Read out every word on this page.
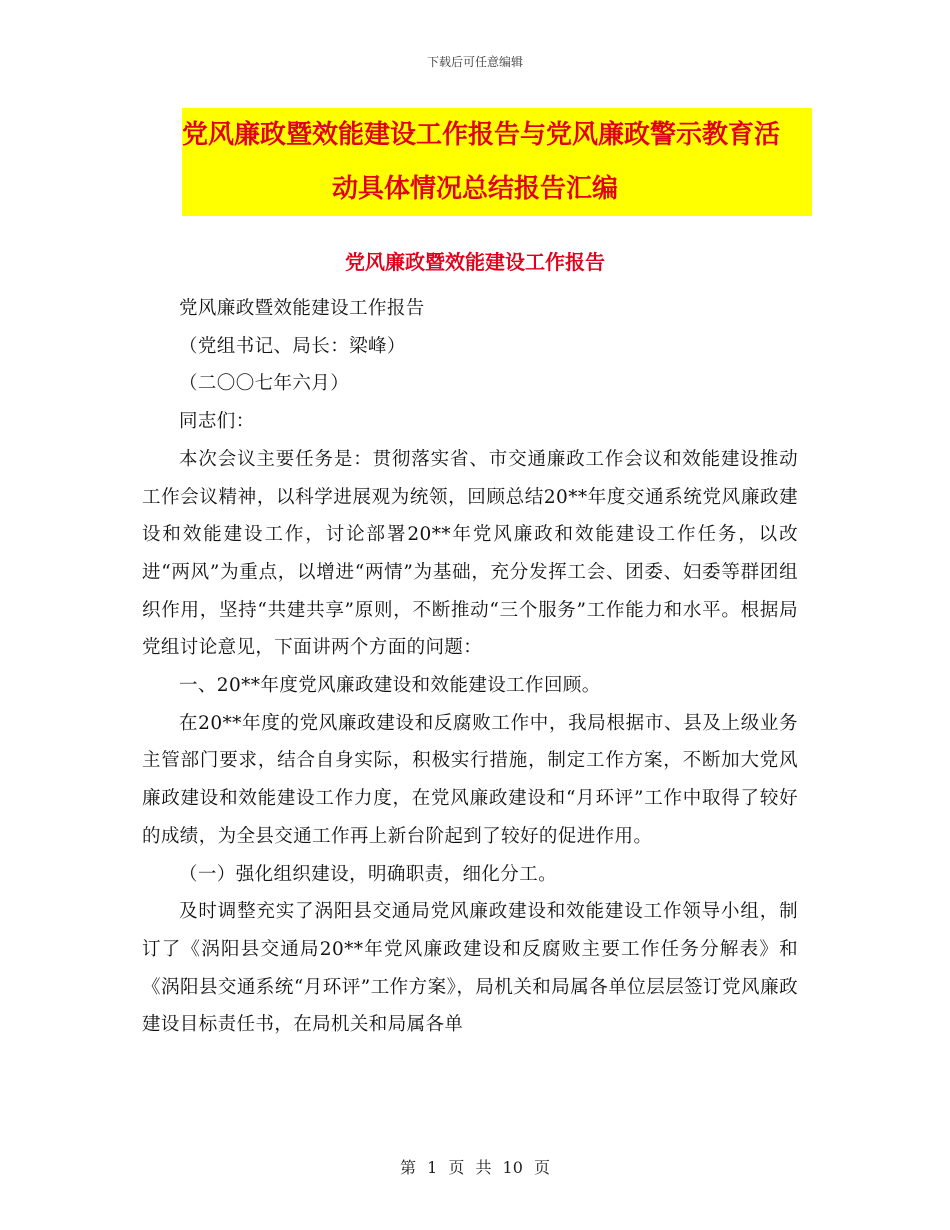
下载后可任意编辑
党风廉政暨效能建设工作报告与党风廉政警示教育活
动具体情况总结报告汇编
党风廉政暨效能建设工作报告

党风廉政暨效能建设工作报告

（党组书记、局长：梁峰）

（二〇〇七年六月）

同志们：

本次会议主要任务是：贯彻落实省、市交通廉政工作会议和效能建设推动工作会议精神，以科学进展观为统领，回顾总结20**年度交通系统党风廉政建设和效能建设工作，讨论部署20**年党风廉政和效能建设工作任务，以改进“两风”为重点，以增进“两情”为基础，充分发挥工会、团委、妇委等群团组织作用，坚持“共建共享”原则，不断推动“三个服务”工作能力和水平。根据局党组讨论意见，下面讲两个方面的问题：

一、20**年度党风廉政建设和效能建设工作回顾。

在20**年度的党风廉政建设和反腐败工作中，我局根据市、县及上级业务主管部门要求，结合自身实际，积极实行措施，制定工作方案，不断加大党风廉政建设和效能建设工作力度，在党风廉政建设和“月环评”工作中取得了较好的成绩，为全县交通工作再上新台阶起到了较好的促进作用。

（一）强化组织建设，明确职责，细化分工。

及时调整充实了涡阳县交通局党风廉政建设和效能建设工作领导小组，制订了《涡阳县交通局20**年党风廉政建设和反腐败主要工作任务分解表》和《涡阳县交通系统“月环评”工作方案》，局机关和局属各单位层层签订党风廉政建设目标责任书，在局机关和局属各单

第 1 页 共 10 页
